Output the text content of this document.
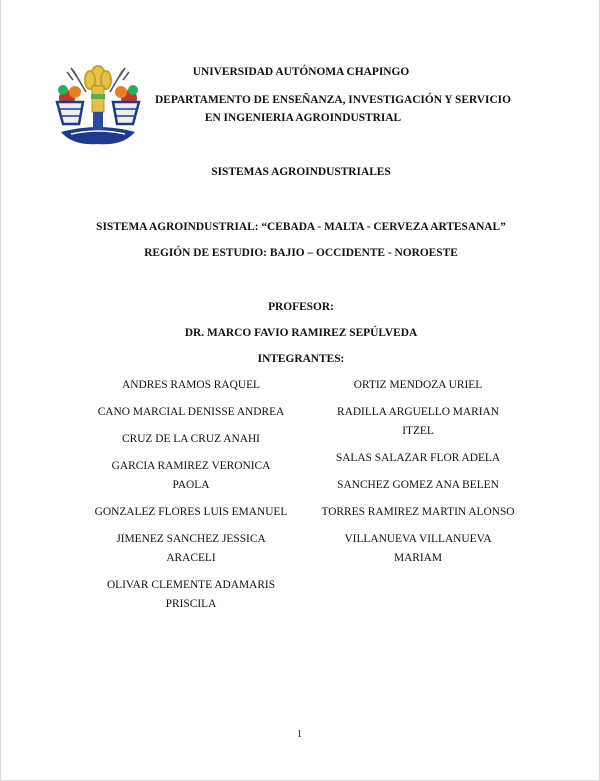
UNIVERSIDAD AUTÓNOMA CHAPINGO
DEPARTAMENTO DE ENSEÑANZA, INVESTIGACIÓN Y SERVICIO
EN INGENIERIA AGROINDUSTRIAL
SISTEMAS AGROINDUSTRIALES
SISTEMA AGROINDUSTRIAL: “CEBADA - MALTA - CERVEZA ARTESANAL”
REGIÓN DE ESTUDIO: BAJIO – OCCIDENTE - NOROESTE
PROFESOR:
DR. MARCO FAVIO RAMIREZ SEPÚLVEDA
INTEGRANTES:
ANDRES RAMOS RAQUEL
CANO MARCIAL DENISSE ANDREA
CRUZ DE LA CRUZ ANAHI
GARCIA RAMIREZ VERONICA
PAOLA
GONZALEZ FLORES LUIS EMANUEL
JIMENEZ SANCHEZ JESSICA
ARACELI
OLIVAR CLEMENTE ADAMARIS
PRISCILA
ORTIZ MENDOZA URIEL
RADILLA ARGUELLO MARIAN
ITZEL
SALAS SALAZAR FLOR ADELA
SANCHEZ GOMEZ ANA BELEN
TORRES RAMIREZ MARTIN ALONSO
VILLANUEVA VILLANUEVA
MARIAM
1
